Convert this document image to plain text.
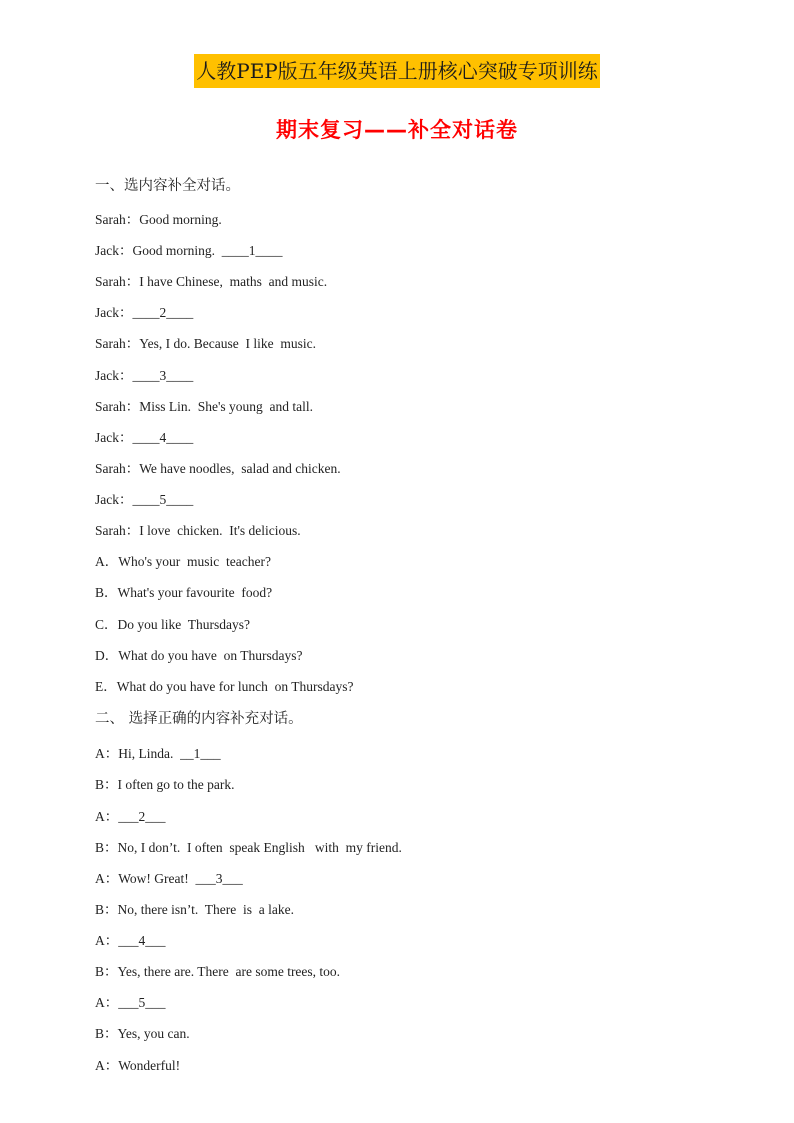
人教PEP版五年级英语上册核心突破专项训练
期末复习——补全对话卷
一、选内容补全对话。
Sarah：Good morning.
Jack：Good morning.  ____1____
Sarah：I have Chinese,  maths  and music.
Jack：____2____
Sarah：Yes, I do. Because  I like  music.
Jack：____3____
Sarah：Miss Lin.  She's young  and tall.
Jack：____4____
Sarah：We have noodles,  salad and chicken.
Jack：____5____
Sarah：I love  chicken.  It's delicious.
A．Who's your  music  teacher?
B．What's your favourite  food?
C．Do you like  Thursdays?
D．What do you have  on Thursdays?
E．What do you have for lunch  on Thursdays?
二、 选择正确的内容补充对话。
A：Hi, Linda.  __1___
B：I often go to the park.
A：___2___
B：No, I don’t.  I often  speak English   with  my friend.
A：Wow! Great!  ___3___
B：No, there isn’t.  There  is  a lake.
A：___4___
B：Yes, there are. There  are some trees, too.
A：___5___
B：Yes, you can.
A：Wonderful!
